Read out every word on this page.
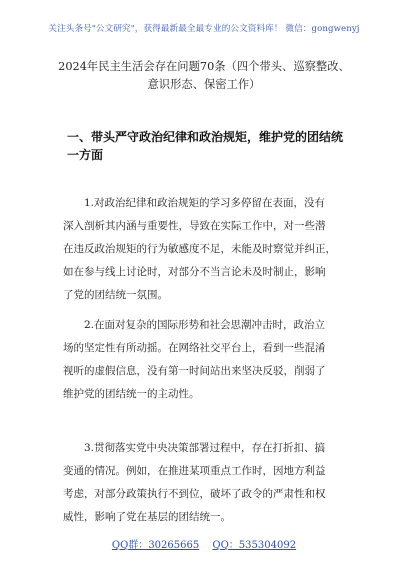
关注头条号"公文研究"，获得最新最全最专业的公文资料库！ 微信：gongwenyj
2024年民主生活会存在问题70条（四个带头、巡察整改、
意识形态、保密工作）
一、带头严守政治纪律和政治规矩，维护党的团结统
一方面
1.对政治纪律和政治规矩的学习多停留在表面，没有
深入剖析其内涵与重要性，导致在实际工作中，对一些潜
在违反政治规矩的行为敏感度不足，未能及时察觉并纠正，
如在参与线上讨论时，对部分不当言论未及时制止，影响
了党的团结统一氛围。
2.在面对复杂的国际形势和社会思潮冲击时，政治立
场的坚定性有所动摇。在网络社交平台上，看到一些混淆
视听的虚假信息，没有第一时间站出来坚决反驳，削弱了
维护党的团结统一的主动性。
3.贯彻落实党中央决策部署过程中，存在打折扣、搞
变通的情况。例如，在推进某项重点工作时，因地方利益
考虑，对部分政策执行不到位，破坏了政令的严肃性和权
威性，影响了党在基层的团结统一。
QQ群：30265665 QQ：535304092
